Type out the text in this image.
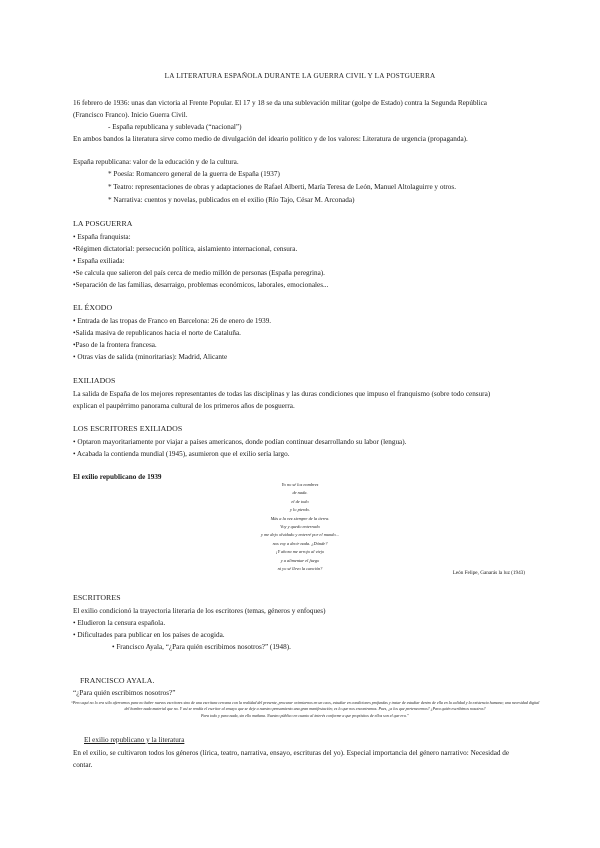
LA LITERATURA ESPAÑOLA DURANTE LA GUERRA CIVIL Y LA POSTGUERRA
16 febrero de 1936: unas dan victoria al Frente Popular. El 17 y 18 se da una sublevación militar (golpe de Estado) contra la Segunda República
(Francisco Franco). Inicio Guerra Civil.
- España republicana y sublevada (“nacional”)
En ambos bandos la literatura sirve como medio de divulgación del ideario político y de los valores: Literatura de urgencia (propaganda).
España republicana: valor de la educación y de la cultura.
* Poesía: Romancero general de la guerra de España (1937)
* Teatro: representaciones de obras y adaptaciones de Rafael Alberti, María Teresa de León, Manuel Altolaguirre y otros.
* Narrativa: cuentos y novelas, publicados en el exilio (Río Tajo, César M. Arconada)
LA POSGUERRA
• España franquista:
•Régimen dictatorial: persecución política, aislamiento internacional, censura.
• España exiliada:
•Se calcula que salieron del país cerca de medio millón de personas (España peregrina).
•Separación de las familias, desarraigo, problemas económicos, laborales, emocionales...
EL ÉXODO
• Entrada de las tropas de Franco en Barcelona: 26 de enero de 1939.
•Salida masiva de republicanos hacia el norte de Cataluña.
•Paso de la frontera francesa.
• Otras vías de salida (minoritarias): Madrid, Alicante
EXILIADOS
La salida de España de los mejores representantes de todas las disciplinas y las duras condiciones que impuso el franquismo (sobre todo censura)
explican el paupérrimo panorama cultural de los primeros años de posguerra.
LOS ESCRITORES EXILIADOS
• Optaron mayoritariamente por viajar a países americanos, donde podían continuar desarrollando su labor (lengua).
• Acabada la contienda mundial (1945), asumieron que el exilio sería largo.
El exilio republicano de 1939
Yo no sé los nombres
de nada.
el de todo
y lo pierdo.
Más a la vez siempre de la tierra.
Voy y quedo enterrado
y me dejo olvidado y enterré por el mundo...
nos voy a decir nada. ¿Dónde?
¡Y ahora me arrojo al viejo
y a alimentar el fuego
ni yo sé llevo la canción?
León Felipe, Ganarás la luz (1943)
ESCRITORES
El exilio condicionó la trayectoria literaria de los escritores (temas, géneros y enfoques)
• Eludieron la censura española.
• Dificultades para publicar en los países de acogida.
• Francisco Ayala, “¿Para quién escribimos nosotros?” (1948).
FRANCISCO AYALA.
“¿Para quién escribimos nosotros?”
“Pero aquí no lo era sólo aferrarnos para no haber nuevos escritores sino de una escritura cercana con la realidad del presente, procurar orientarnos en un caos, estudiar en condiciones profundas y tratar de estudiar dentro de ella en la calidad y la existencia humana; una necesidad digital del hombre nada material que no. Y así se rendía el escritor al ensayo que se deje a nuestro pensamiento una gran manifestación; es lo que nos encontramos. Pues, ¿a los que pertenecemos? ¿Para quién escribimos nosotros?
Para todo y para nada, sin ello mañana. Nuestro público en cuanto al interés conforme a que propósitos de ellos son el que era.”
El exilio republicano y la literatura
En el exilio, se cultivaron todos los géneros (lírica, teatro, narrativa, ensayo, escrituras del yo). Especial importancia del género narrativo: Necesidad de
contar.
